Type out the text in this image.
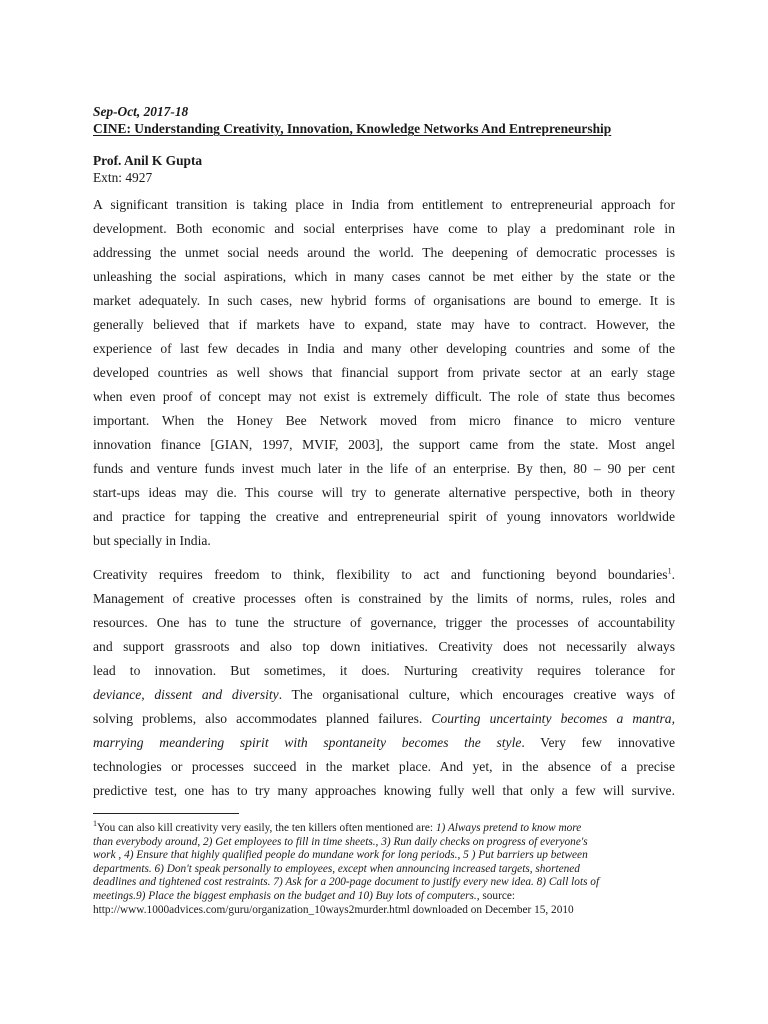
Sep-Oct, 2017-18
CINE: Understanding Creativity, Innovation, Knowledge Networks And Entrepreneurship
Prof. Anil K Gupta
Extn: 4927
A significant transition is taking place in India from entitlement to entrepreneurial approach for
development. Both economic and social enterprises have come to play a predominant role in
addressing the unmet social needs around the world. The deepening of democratic processes is
unleashing the social aspirations, which in many cases cannot be met either by the state or the
market adequately. In such cases, new hybrid forms of organisations are bound to emerge. It is
generally believed that if markets have to expand, state may have to contract. However, the
experience of last few decades in India and many other developing countries and some of the
developed countries as well shows that financial support from private sector at an early stage
when even proof of concept may not exist is extremely difficult. The role of state thus becomes
important. When the Honey Bee Network moved from micro finance to micro venture
innovation finance [GIAN, 1997, MVIF, 2003], the support came from the state. Most angel
funds and venture funds invest much later in the life of an enterprise. By then, 80 – 90 per cent
start-ups ideas may die. This course will try to generate alternative perspective, both in theory
and practice for tapping the creative and entrepreneurial spirit of young innovators worldwide
but specially in India.
Creativity requires freedom to think, flexibility to act and functioning beyond boundaries$^1$.
Management of creative processes often is constrained by the limits of norms, rules, roles and
resources. One has to tune the structure of governance, trigger the processes of accountability
and support grassroots and also top down initiatives. Creativity does not necessarily always
lead to innovation. But sometimes, it does. Nurturing creativity requires tolerance for
deviance, dissent and diversity. The organisational culture, which encourages creative ways of
solving problems, also accommodates planned failures. Courting uncertainty becomes a mantra,
marrying meandering spirit with spontaneity becomes the style. Very few innovative
technologies or processes succeed in the market place. And yet, in the absence of a precise
predictive test, one has to try many approaches knowing fully well that only a few will survive.
$^1$You can also kill creativity very easily, the ten killers often mentioned are: 1) Always pretend to know more
than everybody around, 2) Get employees to fill in time sheets., 3) Run daily checks on progress of everyone's
work , 4) Ensure that highly qualified people do mundane work for long periods., 5 ) Put barriers up between
departments. 6) Don't speak personally to employees, except when announcing increased targets, shortened
deadlines and tightened cost restraints. 7) Ask for a 200-page document to justify every new idea. 8) Call lots of
meetings.9) Place the biggest emphasis on the budget and 10) Buy lots of computers., source:
http://www.1000advices.com/guru/organization_10ways2murder.html downloaded on December 15, 2010
